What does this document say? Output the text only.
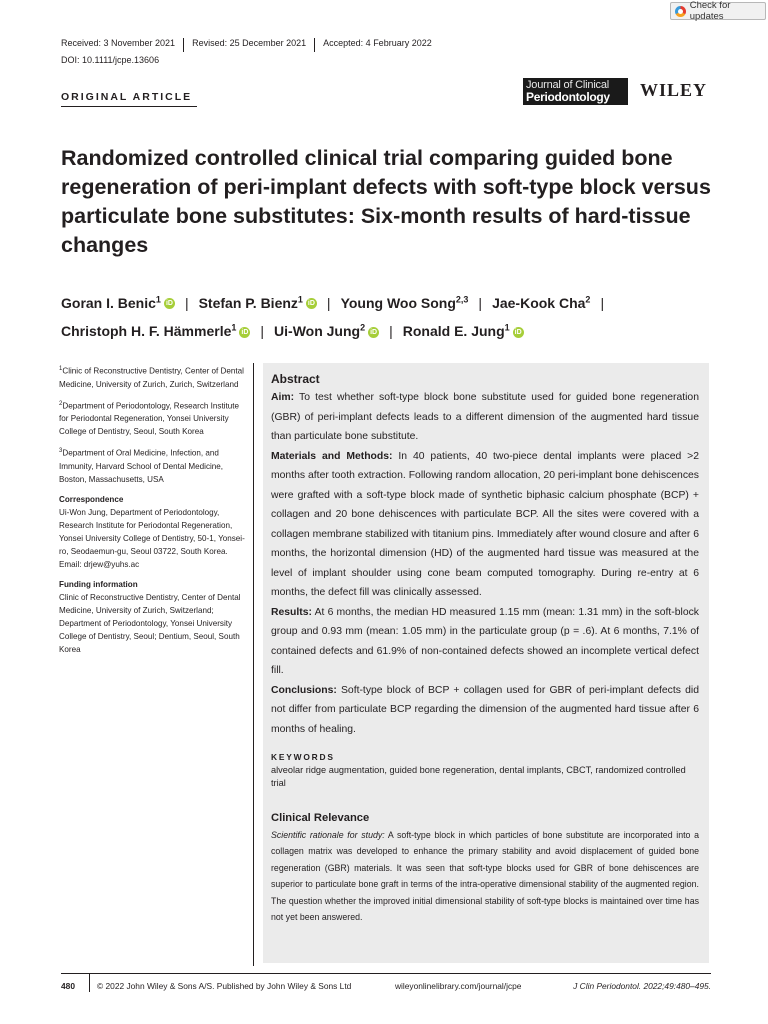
Check for updates
Received: 3 November 2021 Revised: 25 December 2021 Accepted: 4 February 2022
DOI: 10.1111/jcpe.13606
ORIGINAL ARTICLE
Journal of Clinical
Periodontology WILEY
Randomized controlled clinical trial comparing guided bone regeneration of peri-implant defects with soft-type block versus particulate bone substitutes: Six-month results of hard-tissue changes
Goran I. Benic$^1$ iD | Stefan P. Bienz$^1$ iD | Young Woo Song$^{2,3}$ | Jae-Kook Cha$^2$ |
Christoph H. F. Hämmerle$^1$ iD | Ui-Won Jung$^2$ iD | Ronald E. Jung$^1$ iD

$^1$Clinic of Reconstructive Dentistry, Center of Dental Medicine, University of Zurich, Zurich, Switzerland

$^2$Department of Periodontology, Research Institute for Periodontal Regeneration, Yonsei University College of Dentistry, Seoul, South Korea

$^3$Department of Oral Medicine, Infection, and Immunity, Harvard School of Dental Medicine, Boston, Massachusetts, USA

Correspondence

Ui-Won Jung, Department of Periodontology, Research Institute for Periodontal Regeneration, Yonsei University College of Dentistry, 50-1, Yonsei-ro, Seodaemun-gu, Seoul 03722, South Korea.

Email: drjew@yuhs.ac

Funding information

Clinic of Reconstructive Dentistry, Center of Dental Medicine, University of Zurich, Switzerland; Department of Periodontology, Yonsei University College of Dentistry, Seoul; Dentium, Seoul, South Korea

Abstract

Aim: To test whether soft-type block bone substitute used for guided bone regeneration (GBR) of peri-implant defects leads to a different dimension of the augmented hard tissue than particulate bone substitute.

Materials and Methods: In 40 patients, 40 two-piece dental implants were placed >2 months after tooth extraction. Following random allocation, 20 peri-implant bone dehiscences were grafted with a soft-type block made of synthetic biphasic calcium phosphate (BCP) + collagen and 20 bone dehiscences with particulate BCP. All the sites were covered with a collagen membrane stabilized with titanium pins. Immediately after wound closure and after 6 months, the horizontal dimension (HD) of the augmented hard tissue was measured at the level of implant shoulder using cone beam computed tomography. During re-entry at 6 months, the defect fill was clinically assessed.

Results: At 6 months, the median HD measured 1.15 mm (mean: 1.31 mm) in the soft-block group and 0.93 mm (mean: 1.05 mm) in the particulate group (p = .6). At 6 months, 7.1% of contained defects and 61.9% of non-contained defects showed an incomplete vertical defect fill.

Conclusions: Soft-type block of BCP + collagen used for GBR of peri-implant defects did not differ from particulate BCP regarding the dimension of the augmented hard tissue after 6 months of healing.

KEYWORDS
alveolar ridge augmentation, guided bone regeneration, dental implants, CBCT, randomized controlled trial
Clinical Relevance

Scientific rationale for study: A soft-type block in which particles of bone substitute are incorporated into a collagen matrix was developed to enhance the primary stability and avoid displacement of guided bone regeneration (GBR) materials. It was seen that soft-type blocks used for GBR of bone dehiscences are superior to particulate bone graft in terms of the intra-operative dimensional stability of the augmented region. The question whether the improved initial dimensional stability of soft-type blocks is maintained over time has not yet been answered.

480	© 2022 John Wiley & Sons A/S. Published by John Wiley & Sons Ltd	wileyonlinelibrary.com/journal/jcpe	J Clin Periodontol. 2022;49:480–495.
